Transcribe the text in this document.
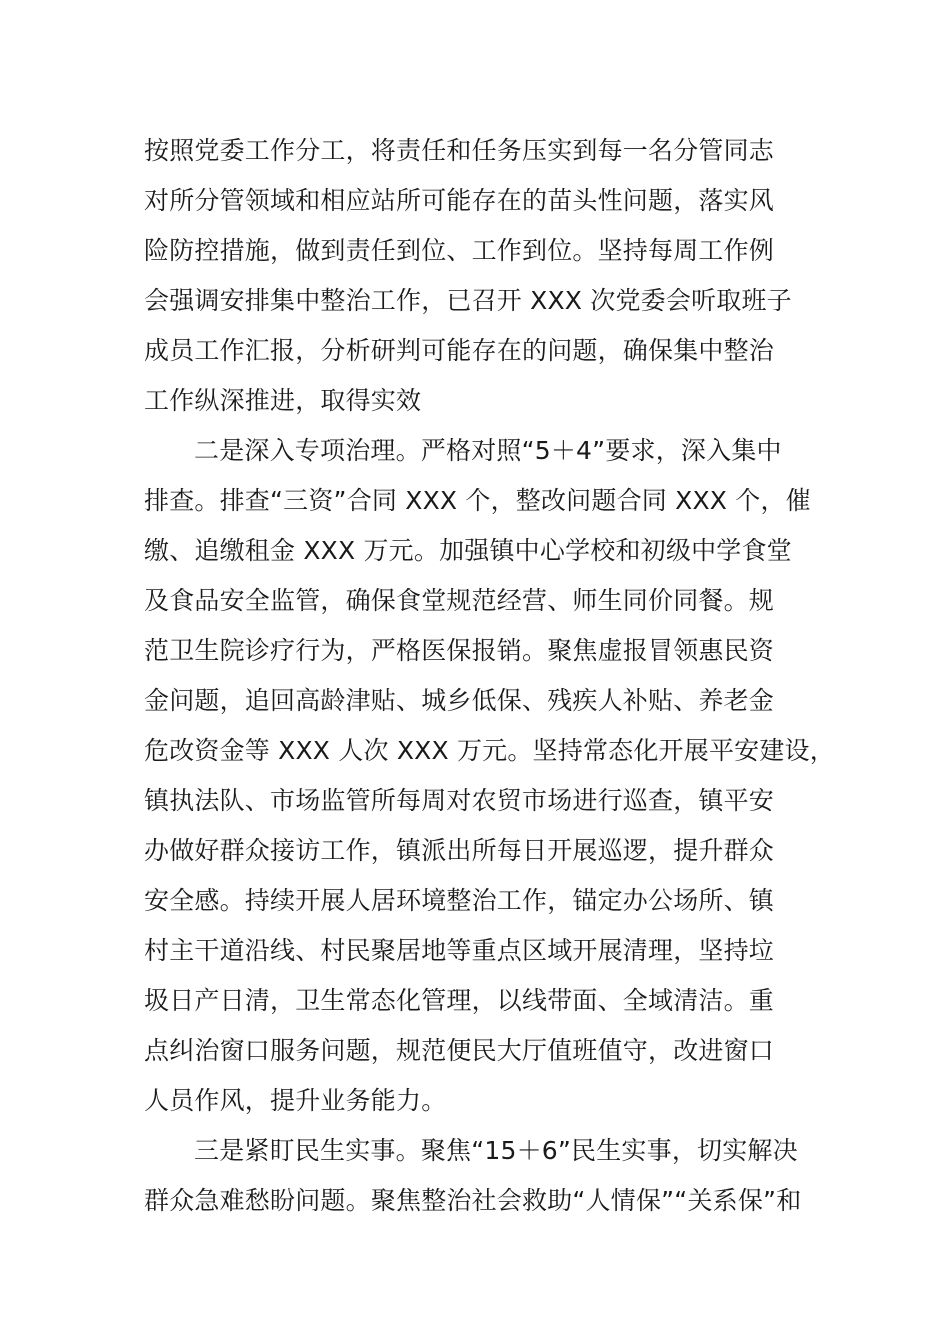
按照党委工作分工，将责任和任务压实到每一名分管同志
对所分管领域和相应站所可能存在的苗头性问题，落实风
险防控措施，做到责任到位、工作到位。坚持每周工作例
会强调安排集中整治工作，已召开 XXX 次党委会听取班子
成员工作汇报，分析研判可能存在的问题，确保集中整治
工作纵深推进，取得实效
二是深入专项治理。严格对照“5＋4”要求，深入集中
排查。排查“三资”合同 XXX 个，整改问题合同 XXX 个，催
缴、追缴租金 XXX 万元。加强镇中心学校和初级中学食堂
及食品安全监管，确保食堂规范经营、师生同价同餐。规
范卫生院诊疗行为，严格医保报销。聚焦虚报冒领惠民资
金问题，追回高龄津贴、城乡低保、残疾人补贴、养老金
危改资金等 XXX 人次 XXX 万元。坚持常态化开展平安建设，
镇执法队、市场监管所每周对农贸市场进行巡查，镇平安
办做好群众接访工作，镇派出所每日开展巡逻，提升群众
安全感。持续开展人居环境整治工作，锚定办公场所、镇
村主干道沿线、村民聚居地等重点区域开展清理，坚持垃
圾日产日清，卫生常态化管理，以线带面、全域清洁。重
点纠治窗口服务问题，规范便民大厅值班值守，改进窗口
人员作风，提升业务能力。
三是紧盯民生实事。聚焦“15＋6”民生实事，切实解决
群众急难愁盼问题。聚焦整治社会救助“人情保”“关系保”和
